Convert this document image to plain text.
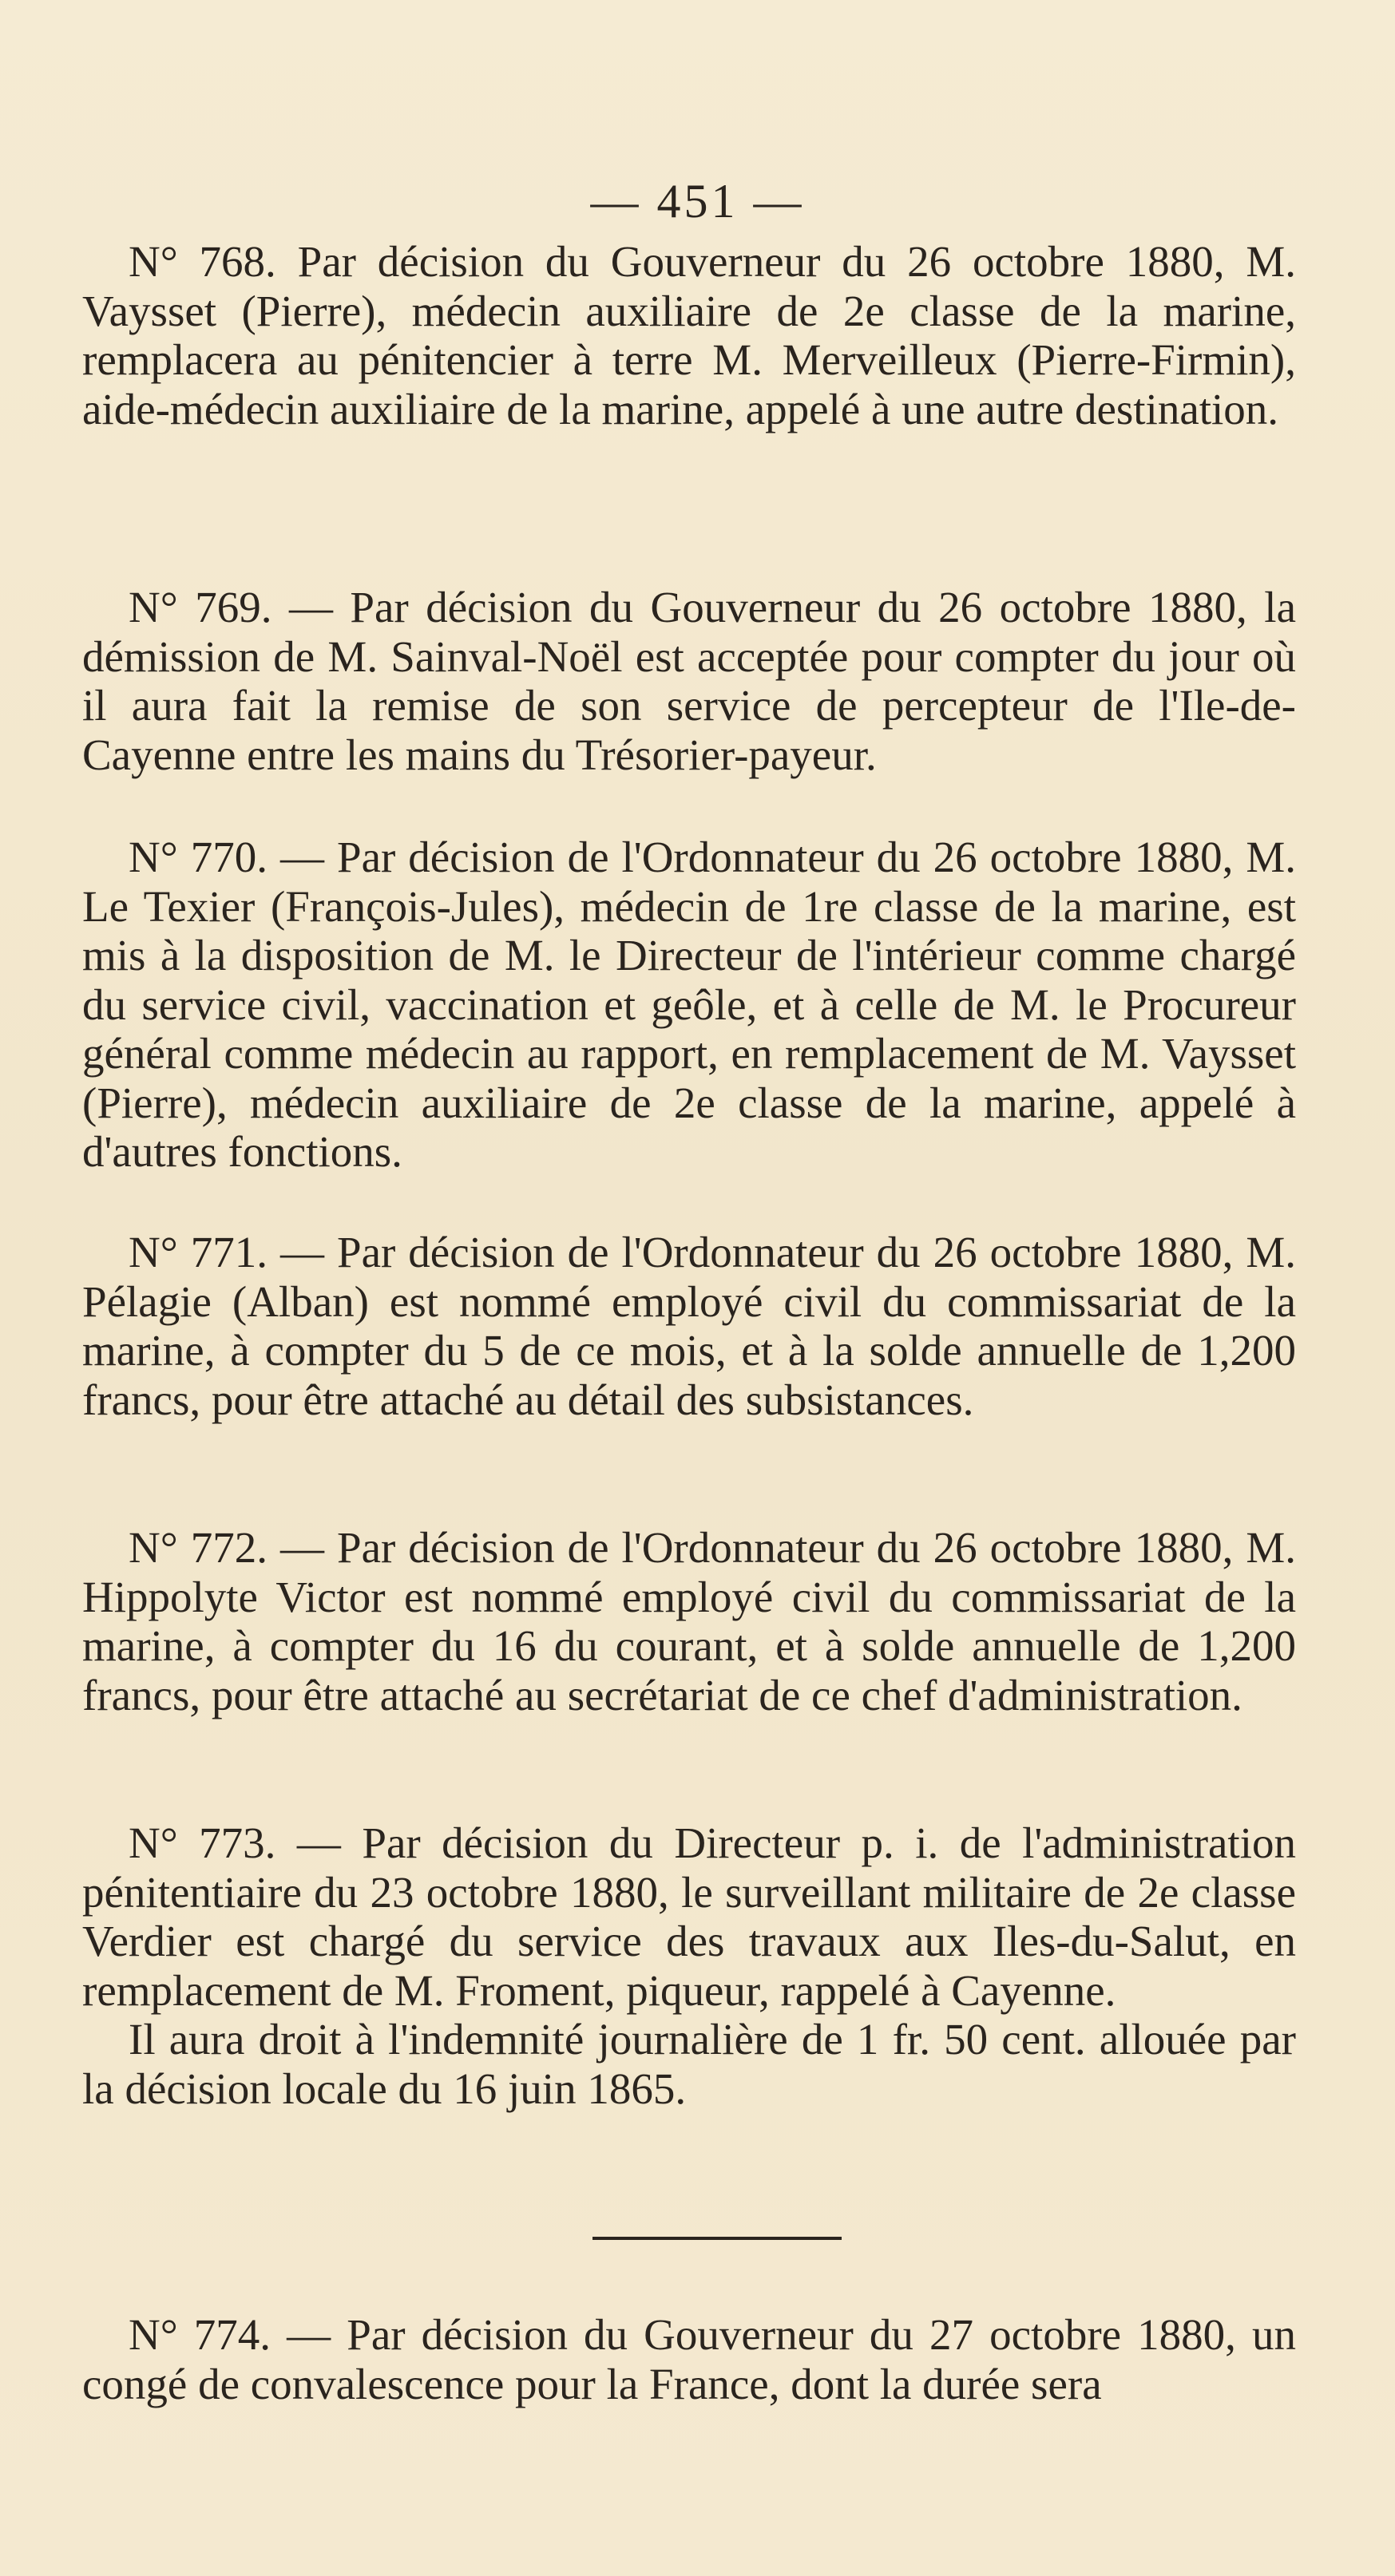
— 451 —

N° 768. Par décision du Gouverneur du 26 octobre 1880, M. Vaysset (Pierre), médecin auxiliaire de 2e classe de la marine, remplacera au pénitencier à terre M. Merveilleux (Pierre-Firmin), aide-médecin auxiliaire de la marine, appelé à une autre destination.

N° 769. — Par décision du Gouverneur du 26 octobre 1880, la démission de M. Sainval-Noël est acceptée pour compter du jour où il aura fait la remise de son service de percepteur de l'Ile-de-Cayenne entre les mains du Trésorier-payeur.

N° 770. — Par décision de l'Ordonnateur du 26 octobre 1880, M. Le Texier (François-Jules), médecin de 1re classe de la marine, est mis à la disposition de M. le Directeur de l'intérieur comme chargé du service civil, vaccination et geôle, et à celle de M. le Procureur général comme médecin au rapport, en remplacement de M. Vaysset (Pierre), médecin auxiliaire de 2e classe de la marine, appelé à d'autres fonctions.

N° 771. — Par décision de l'Ordonnateur du 26 octobre 1880, M. Pélagie (Alban) est nommé employé civil du commissariat de la marine, à compter du 5 de ce mois, et à la solde annuelle de 1,200 francs, pour être attaché au détail des subsistances.

N° 772. — Par décision de l'Ordonnateur du 26 octobre 1880, M. Hippolyte Victor est nommé employé civil du commissariat de la marine, à compter du 16 du courant, et à solde annuelle de 1,200 francs, pour être attaché au secrétariat de ce chef d'administration.

N° 773. — Par décision du Directeur p. i. de l'administration pénitentiaire du 23 octobre 1880, le surveillant militaire de 2e classe Verdier est chargé du service des travaux aux Iles-du-Salut, en remplacement de M. Froment, piqueur, rappelé à Cayenne.

Il aura droit à l'indemnité journalière de 1 fr. 50 cent. allouée par la décision locale du 16 juin 1865.

N° 774. — Par décision du Gouverneur du 27 octobre 1880, un congé de convalescence pour la France, dont la durée sera
